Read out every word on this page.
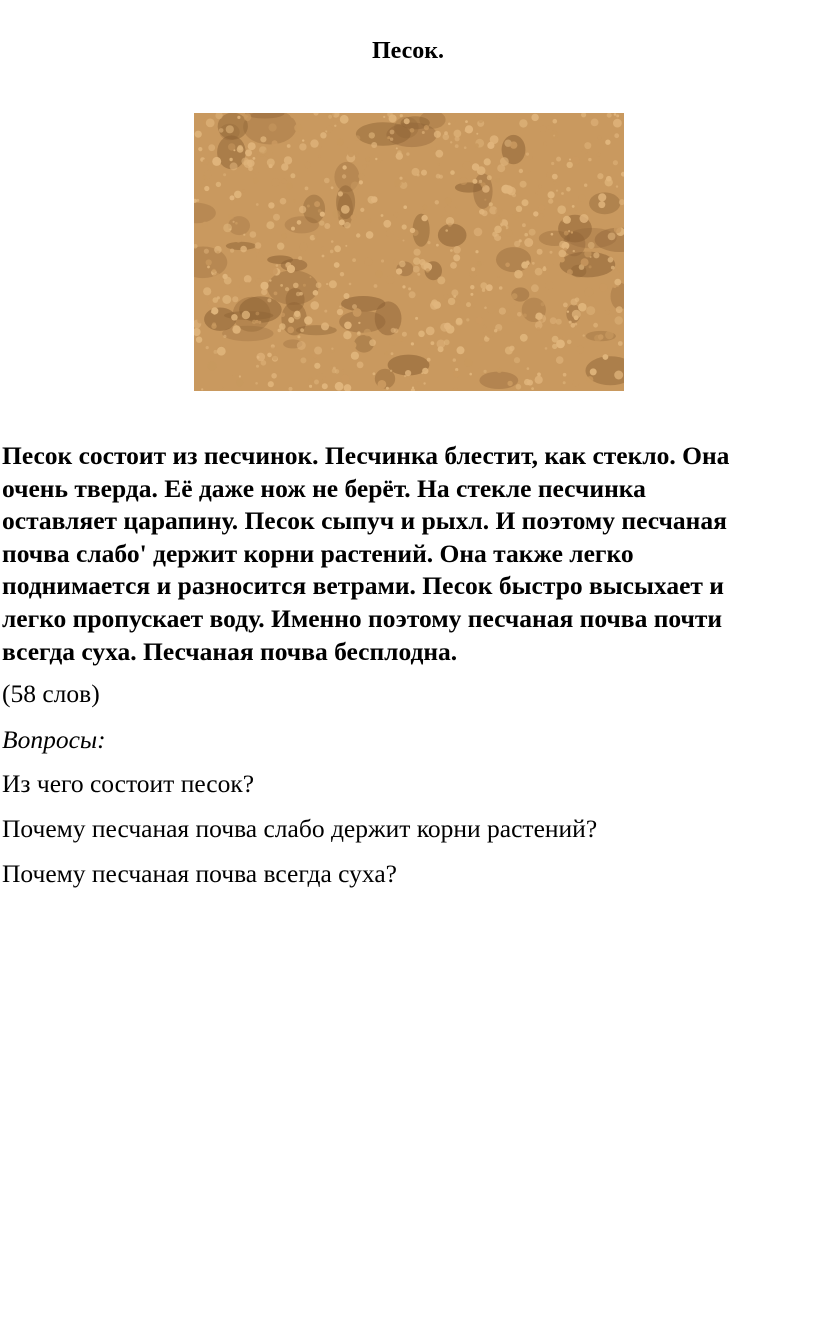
Песок.
Песок состоит из песчинок. Песчинка блестит, как стекло. Она
очень тверда. Её даже нож не берёт. На стекле песчинка
оставляет царапину. Песок сыпуч и рыхл. И поэтому песчаная
почва слабо' держит корни растений. Она также легко
поднимается и разносится ветрами. Песок быстро высыхает и
легко пропускает воду. Именно поэтому песчаная почва почти
всегда суха. Песчаная почва бесплодна.

(58 слов)

Вопросы:

Из чего состоит песок?

Почему песчаная почва слабо держит корни растений?

Почему песчаная почва всегда суха?
